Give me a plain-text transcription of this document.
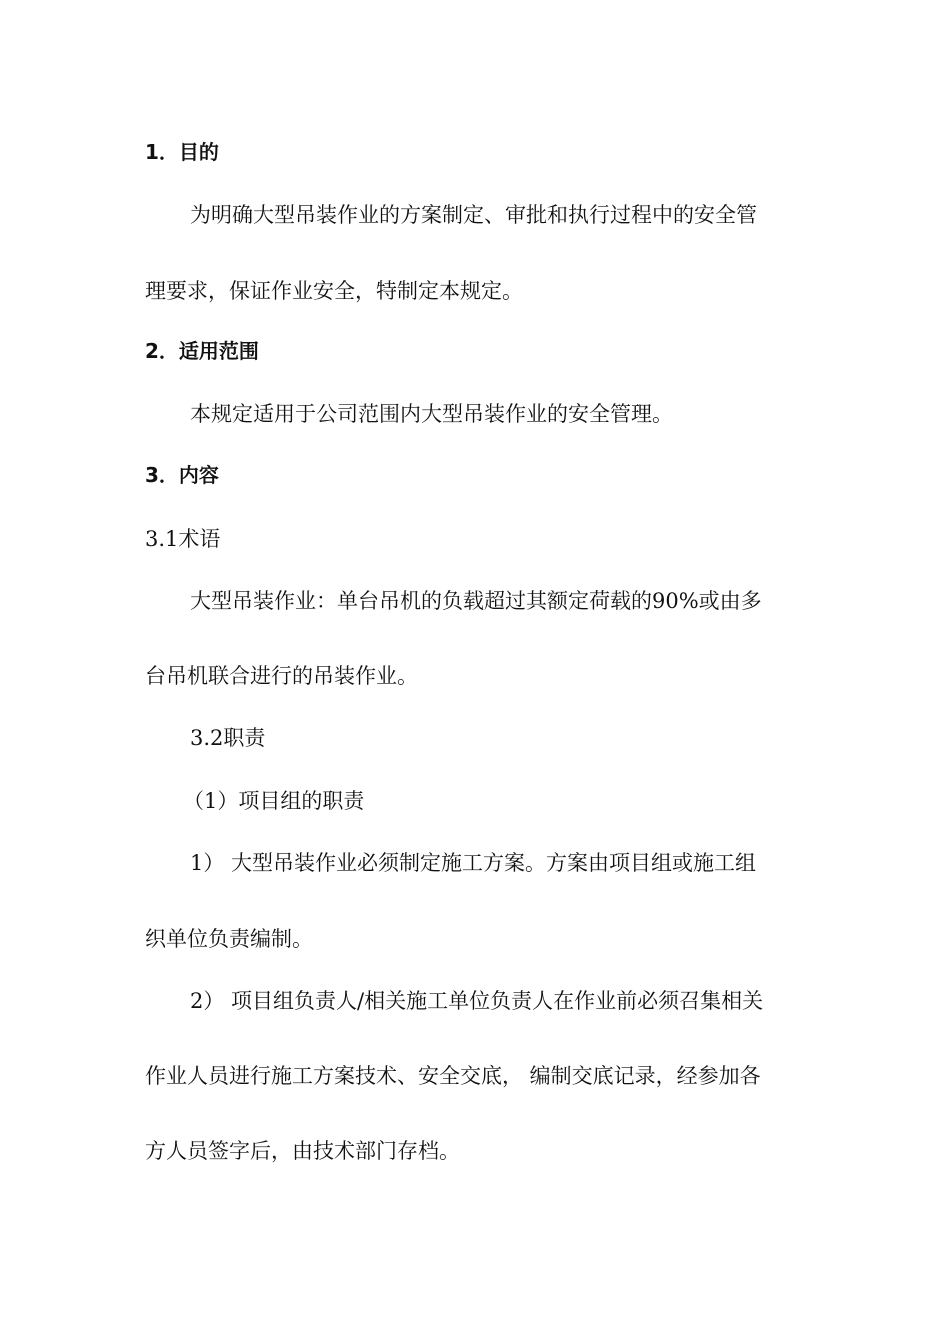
1．目的
为明确大型吊装作业的方案制定、审批和执行过程中的安全管
理要求，保证作业安全，特制定本规定。
2．适用范围
本规定适用于公司范围内大型吊装作业的安全管理。
3．内容
3.1术语
大型吊装作业：单台吊机的负载超过其额定荷载的90%或由多
台吊机联合进行的吊装作业。
3.2职责
（1）项目组的职责
1） 大型吊装作业必须制定施工方案。方案由项目组或施工组
织单位负责编制。
2） 项目组负责人/相关施工单位负责人在作业前必须召集相关
作业人员进行施工方案技术、安全交底， 编制交底记录，经参加各
方人员签字后，由技术部门存档。
